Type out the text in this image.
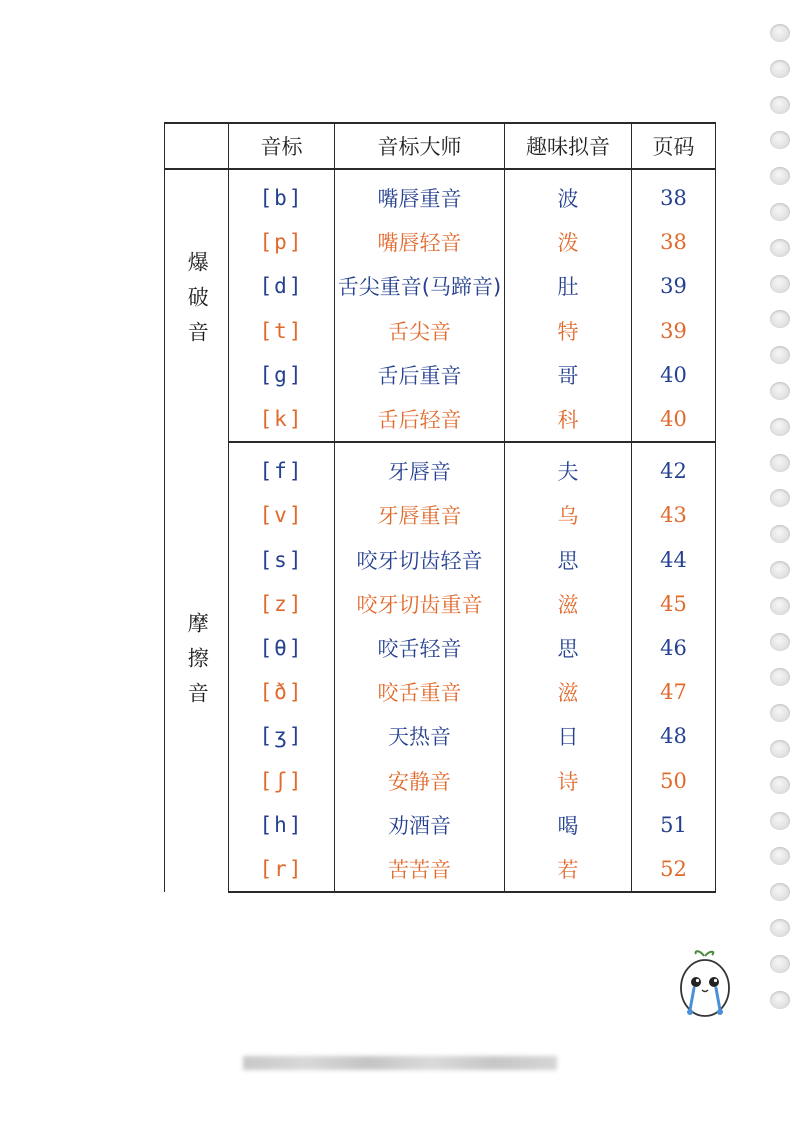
	音标	音标大师	趣味拟音	页码
爆破音	[b]	嘴唇重音	波	38
	[p]	嘴唇轻音	泼	38
	[d]	舌尖重音(马蹄音)	肚	39
	[t]	舌尖音	特	39
	[g]	舌后重音	哥	40
	[k]	舌后轻音	科	40
摩擦音	[f]	牙唇音	夫	42
	[v]	牙唇重音	乌	43
	[s]	咬牙切齿轻音	思	44
	[z]	咬牙切齿重音	滋	45
	[θ]	咬舌轻音	思	46
	[ð]	咬舌重音	滋	47
	[ʒ]	天热音	日	48
	[ʃ]	安静音	诗	50
	[h]	劝酒音	喝	51
	[r]	苦苦音	若	52
